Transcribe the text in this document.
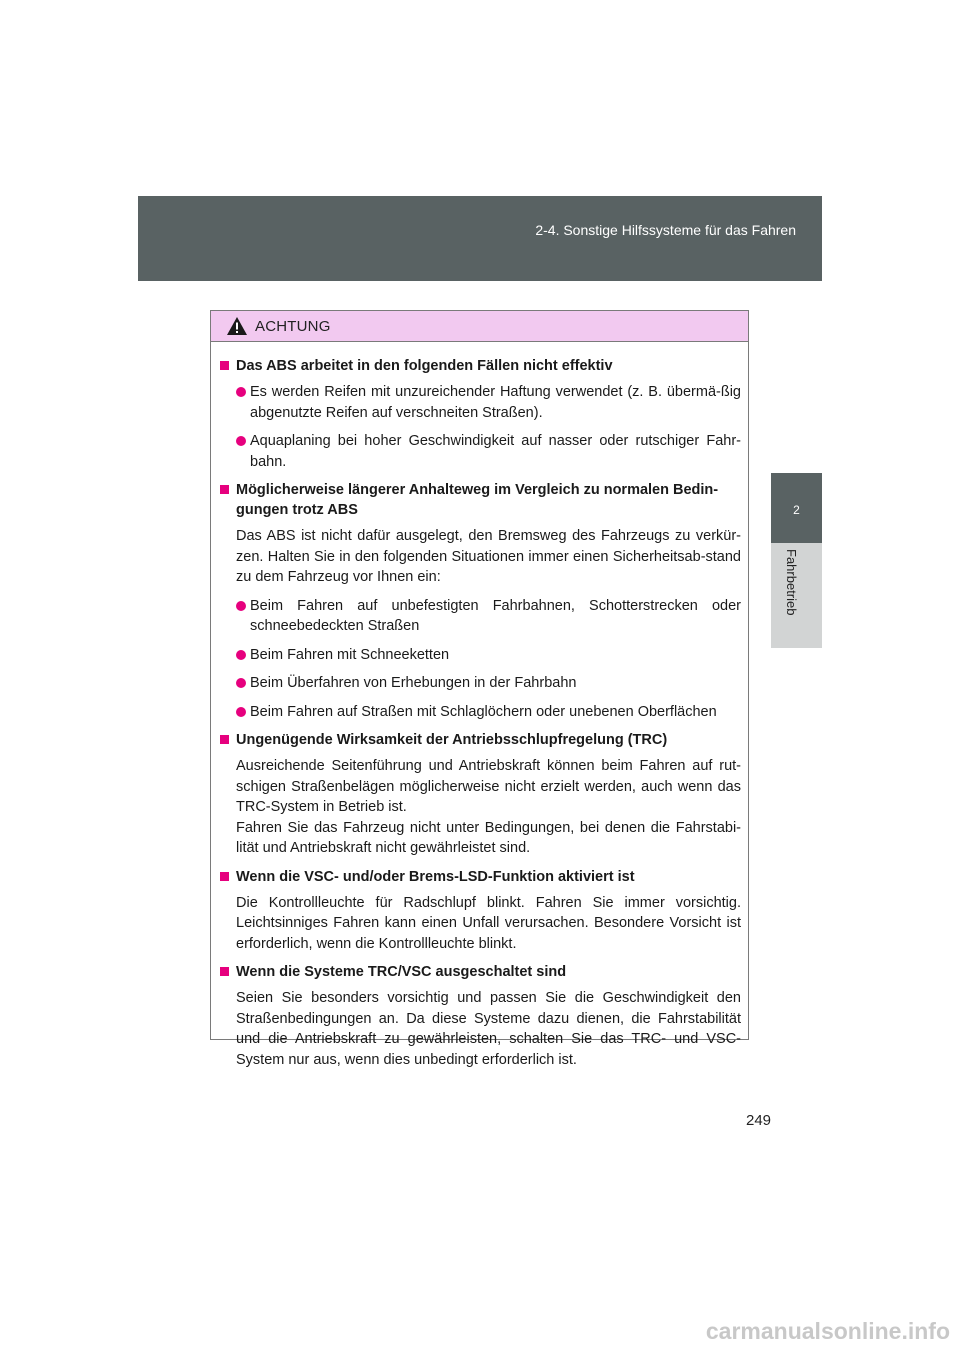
2-4. Sonstige Hilfssysteme für das Fahren
2
Fahrbetrieb
ACHTUNG
Das ABS arbeitet in den folgenden Fällen nicht effektiv
Es werden Reifen mit unzureichender Haftung verwendet (z. B. übermä-ßig abgenutzte Reifen auf verschneiten Straßen).
Aquaplaning bei hoher Geschwindigkeit auf nasser oder rutschiger Fahr-bahn.
Möglicherweise längerer Anhalteweg im Vergleich zu normalen Bedin-gungen trotz ABS
Das ABS ist nicht dafür ausgelegt, den Bremsweg des Fahrzeugs zu verkür-zen. Halten Sie in den folgenden Situationen immer einen Sicherheitsab-stand zu dem Fahrzeug vor Ihnen ein:
Beim Fahren auf unbefestigten Fahrbahnen, Schotterstrecken oder schneebedeckten Straßen
Beim Fahren mit Schneeketten
Beim Überfahren von Erhebungen in der Fahrbahn
Beim Fahren auf Straßen mit Schlaglöchern oder unebenen Oberflächen
Ungenügende Wirksamkeit der Antriebsschlupfregelung (TRC)
Ausreichende Seitenführung und Antriebskraft können beim Fahren auf rut-schigen Straßenbelägen möglicherweise nicht erzielt werden, auch wenn das TRC-System in Betrieb ist.
Fahren Sie das Fahrzeug nicht unter Bedingungen, bei denen die Fahrstabi-lität und Antriebskraft nicht gewährleistet sind.
Wenn die VSC- und/oder Brems-LSD-Funktion aktiviert ist
Die Kontrollleuchte für Radschlupf blinkt. Fahren Sie immer vorsichtig. Leichtsinniges Fahren kann einen Unfall verursachen. Besondere Vorsicht ist erforderlich, wenn die Kontrollleuchte blinkt.
Wenn die Systeme TRC/VSC ausgeschaltet sind
Seien Sie besonders vorsichtig und passen Sie die Geschwindigkeit den Straßenbedingungen an. Da diese Systeme dazu dienen, die Fahrstabilität und die Antriebskraft zu gewährleisten, schalten Sie das TRC- und VSC-System nur aus, wenn dies unbedingt erforderlich ist.
249
carmanualsonline.info
